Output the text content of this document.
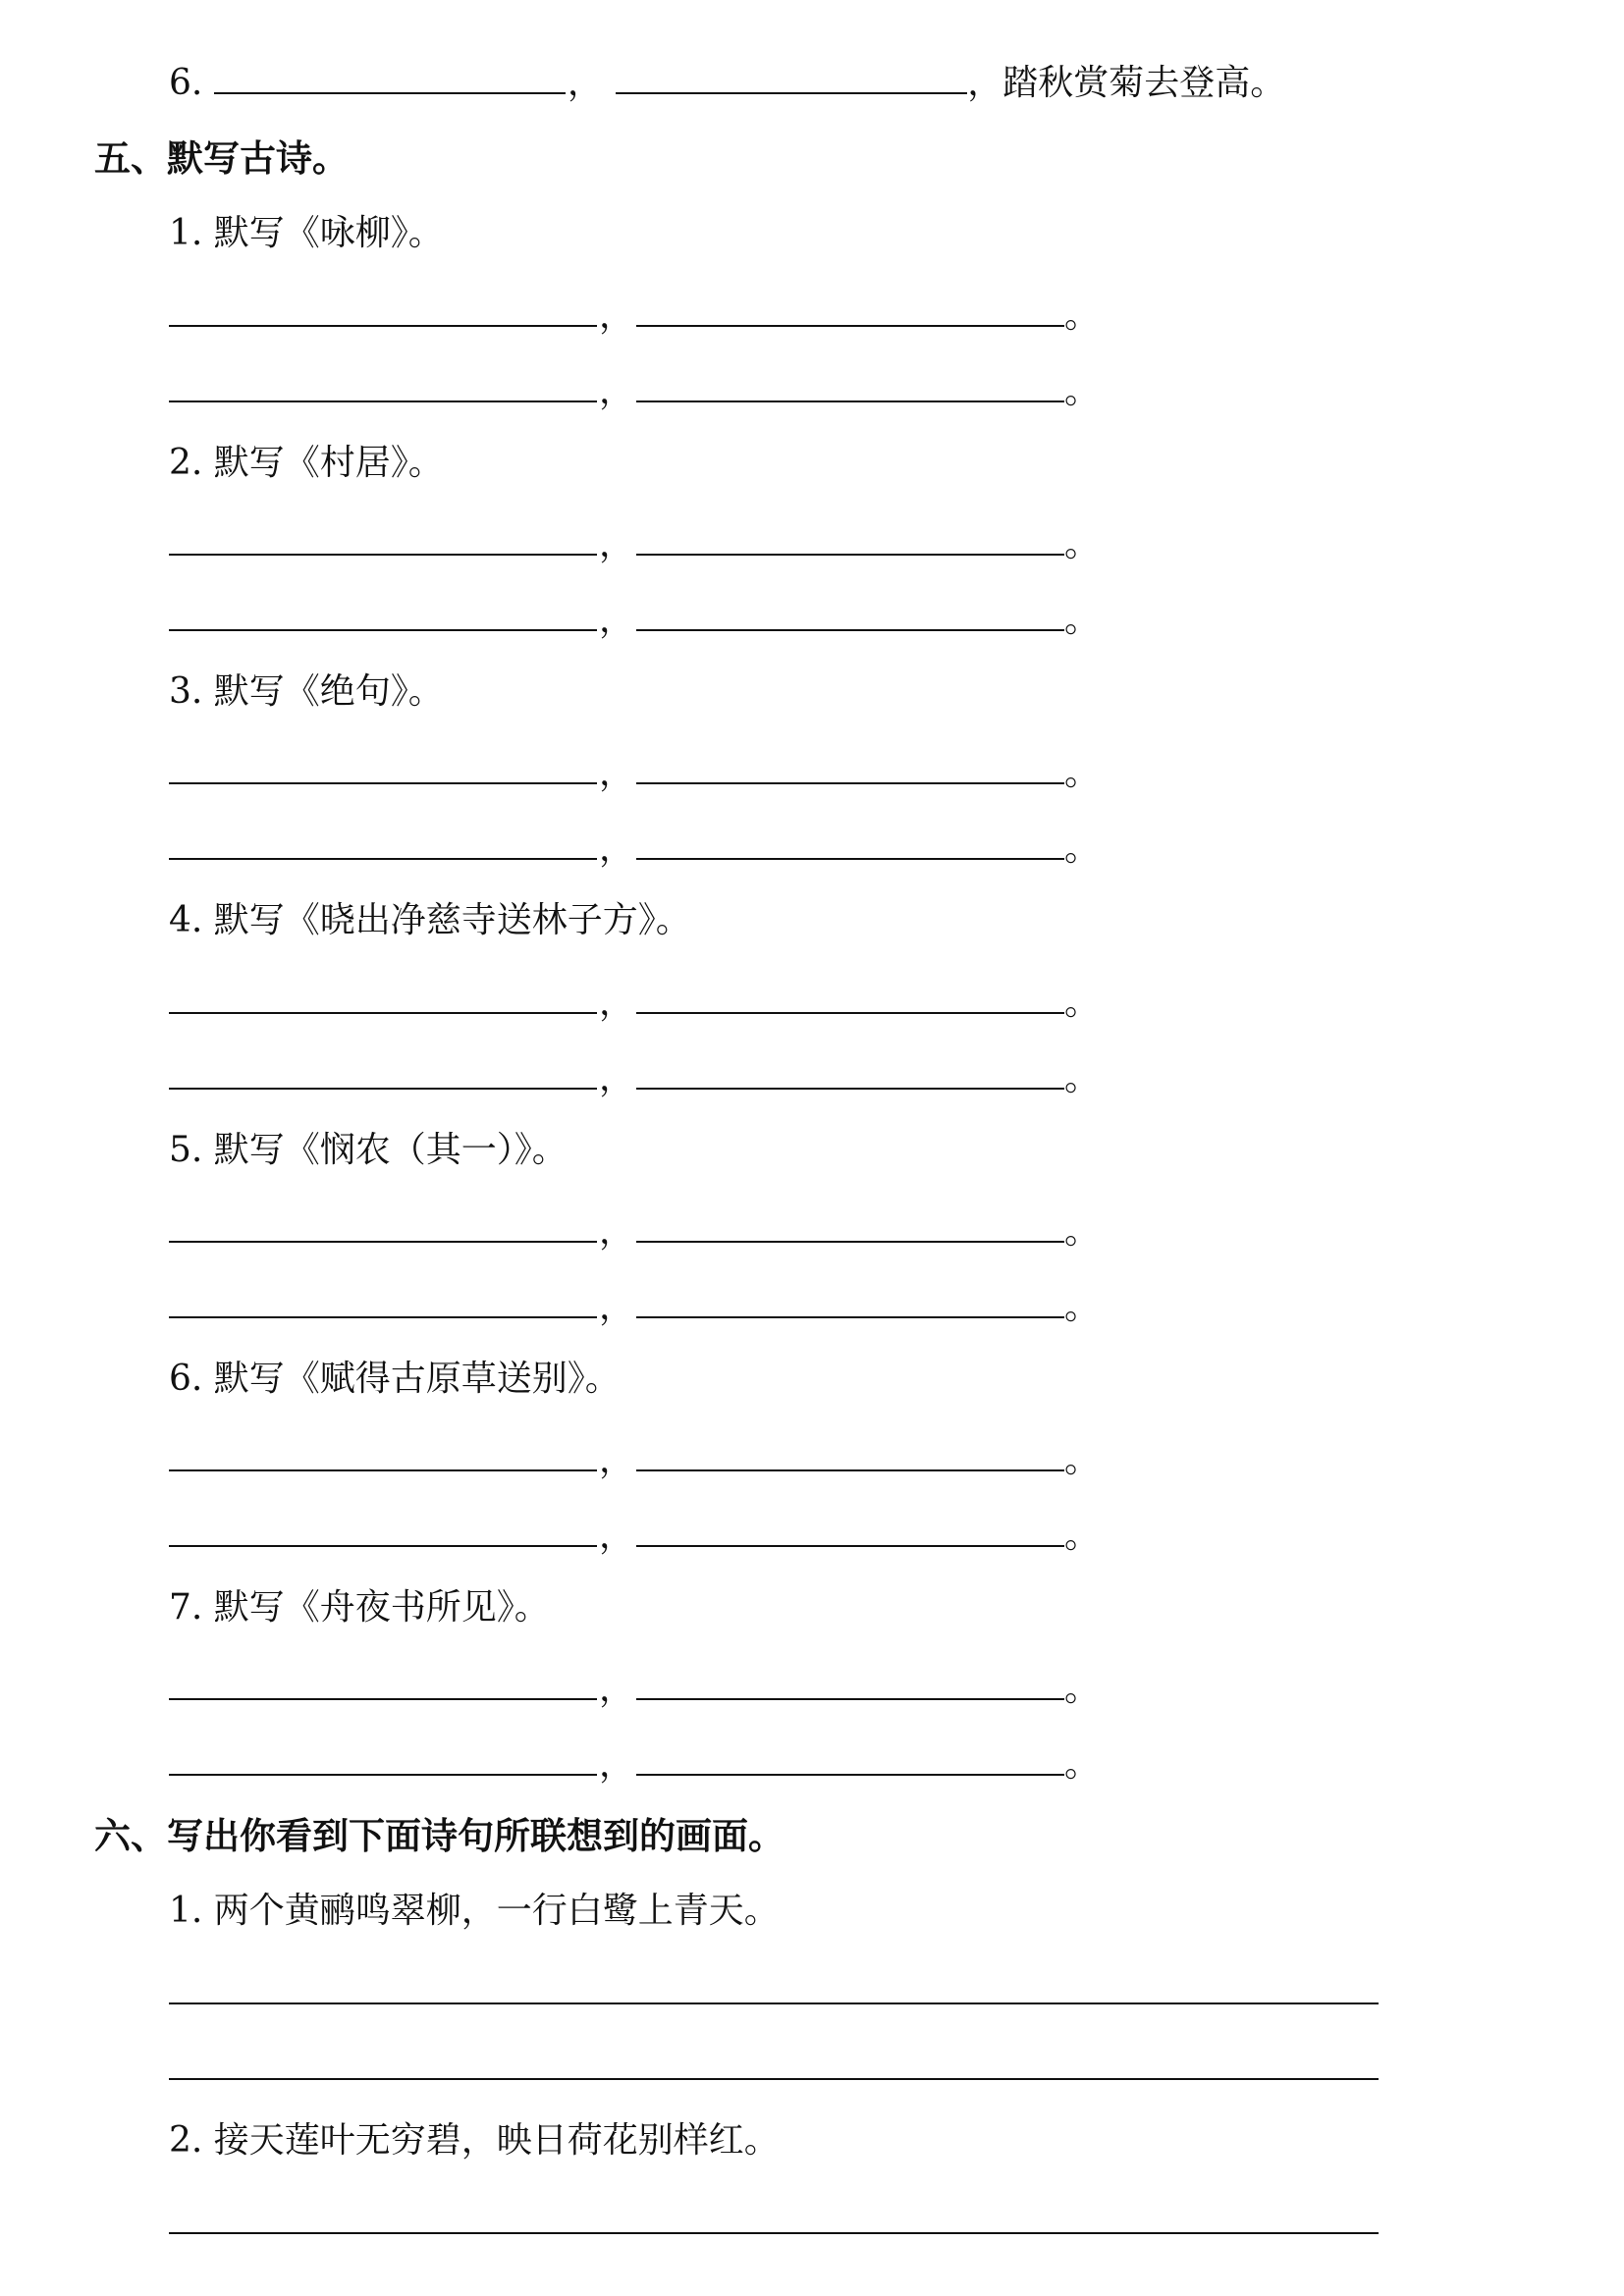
6.	，	，踏秋赏菊去登高。
五、默写古诗。
1. 默写《咏柳》。
，	。
，	。
2. 默写《村居》。
，	。
，	。
3. 默写《绝句》。
，	。
，	。
4. 默写《晓出净慈寺送林子方》。
，	。
，	。
5. 默写《悯农（其一）》。
，	。
，	。
6. 默写《赋得古原草送别》。
，	。
，	。
7. 默写《舟夜书所见》。
，	。
，	。
六、写出你看到下面诗句所联想到的画面。
1. 两个黄鹂鸣翠柳，一行白鹭上青天。
2. 接天莲叶无穷碧，映日荷花别样红。
